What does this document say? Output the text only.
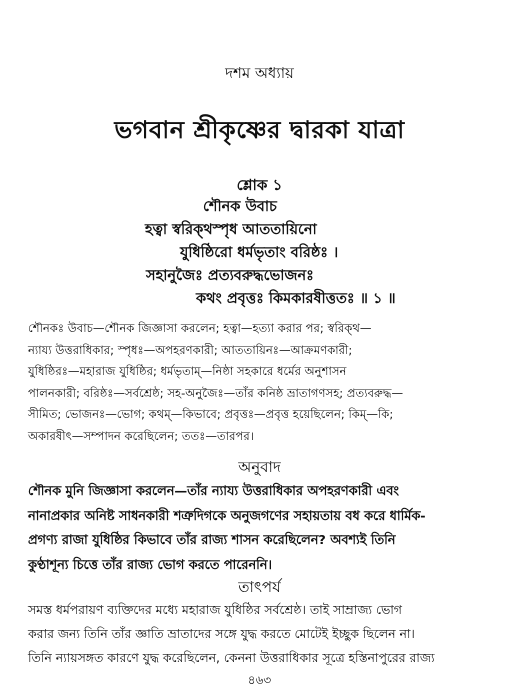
দশম অধ্যায়
ভগবান শ্রীকৃষ্ণের দ্বারকা যাত্রা
শ্লোক ১
শৌনক উবাচ
হত্বা স্বরিক্‌থস্পৃধ আততায়িনো
যুধিষ্ঠিরো ধর্মভৃতাং বরিষ্ঠঃ ।
সহানুজৈঃ প্রত্যবরুদ্ধভোজনঃ
কথং প্রবৃত্তঃ কিমকারষীত্ততঃ ॥ ১ ॥

শৌনকঃ উবাচ—শৌনক জিজ্ঞাসা করলেন; হত্বা—হত্যা করার পর; স্বরিক্‌থ—

ন্যায্য উত্তরাধিকার; স্পৃধঃ—অপহরণকারী; আততায়িনঃ—আক্রমণকারী;

যুধিষ্ঠিরঃ—মহারাজ যুধিষ্ঠির; ধর্মভৃতাম্—নিষ্ঠা সহকারে ধর্মের অনুশাসন

পালনকারী; বরিষ্ঠঃ—সর্বশ্রেষ্ঠ; সহ-অনুজৈঃ—তাঁর কনিষ্ঠ ভ্রাতাগণসহ; প্রত্যবরুদ্ধ—

সীমিত; ভোজনঃ—ভোগ; কথম্—কিভাবে; প্রবৃত্তঃ—প্রবৃত্ত হয়েছিলেন; কিম্—কি;

অকারষীৎ—সম্পাদন করেছিলেন; ততঃ—তারপর।

অনুবাদ
শৌনক মুনি জিজ্ঞাসা করলেন—তাঁর ন্যায্য উত্তরাধিকার অপহরণকারী এবং
নানাপ্রকার অনিষ্ট সাধনকারী শত্রুদিগকে অনুজগণের সহায়তায় বধ করে ধার্মিক-
প্রগণ্য রাজা যুধিষ্ঠির কিভাবে তাঁর রাজ্য শাসন করেছিলেন? অবশ্যই তিনি
কুণ্ঠাশূন্য চিত্তে তাঁর রাজ্য ভোগ করতে পারেননি।
তাৎপর্য
সমস্ত ধর্মপরায়ণ ব্যক্তিদের মধ্যে মহারাজ যুধিষ্ঠির সর্বশ্রেষ্ঠ। তাই সাম্রাজ্য ভোগ
করার জন্য তিনি তাঁর জ্ঞাতি ভ্রাতাদের সঙ্গে যুদ্ধ করতে মোটেই ইচ্ছুক ছিলেন না।
তিনি ন্যায়সঙ্গত কারণে যুদ্ধ করেছিলেন, কেননা উত্তরাধিকার সূত্রে হস্তিনাপুরের রাজ্য
৪৬৩
